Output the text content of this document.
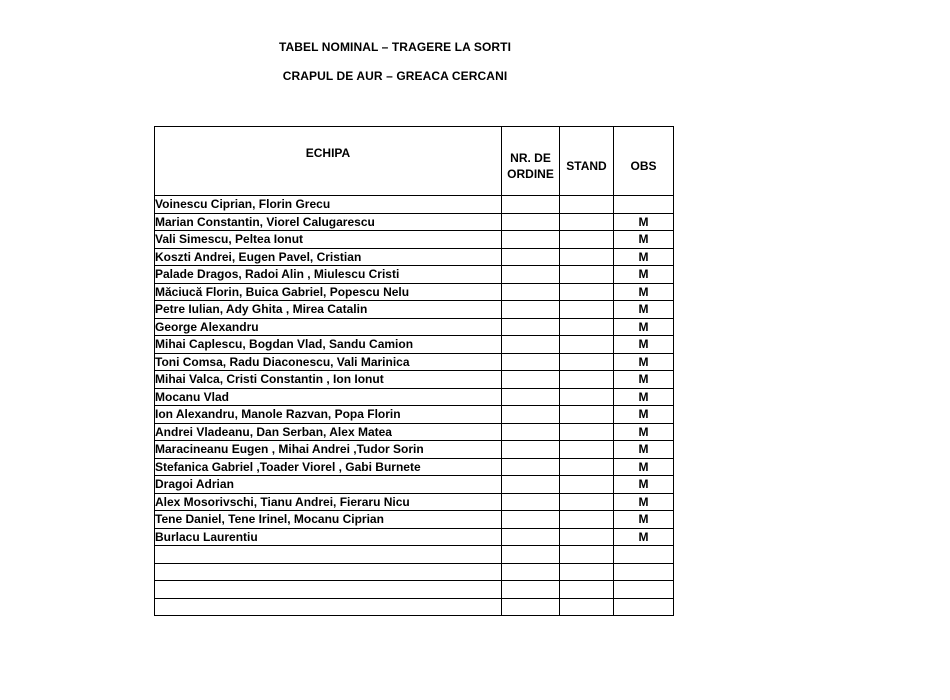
TABEL NOMINAL – TRAGERE LA SORTI
CRAPUL DE AUR – GREACA CERCANI
ECHIPA	NR. DE ORDINE	STAND	OBS
Voinescu Ciprian, Florin Grecu			
Marian Constantin, Viorel Calugarescu			M
Vali Simescu, Peltea Ionut			M
Koszti Andrei, Eugen Pavel, Cristian			M
Palade Dragos, Radoi Alin , Miulescu Cristi			M
Măciucă Florin, Buica Gabriel, Popescu Nelu			M
Petre Iulian, Ady Ghita , Mirea Catalin			M
George Alexandru			M
Mihai Caplescu, Bogdan Vlad, Sandu Camion			M
Toni Comsa, Radu Diaconescu, Vali Marinica			M
Mihai Valca, Cristi Constantin , Ion Ionut			M
Mocanu Vlad			M
Ion Alexandru, Manole Razvan, Popa Florin			M
Andrei Vladeanu, Dan Serban, Alex Matea			M
Maracineanu Eugen , Mihai Andrei ,Tudor Sorin			M
Stefanica Gabriel ,Toader Viorel , Gabi Burnete			M
Dragoi Adrian			M
Alex Mosorivschi, Tianu Andrei, Fieraru Nicu			M
Tene Daniel, Tene Irinel, Mocanu Ciprian			M
Burlacu Laurentiu			M
